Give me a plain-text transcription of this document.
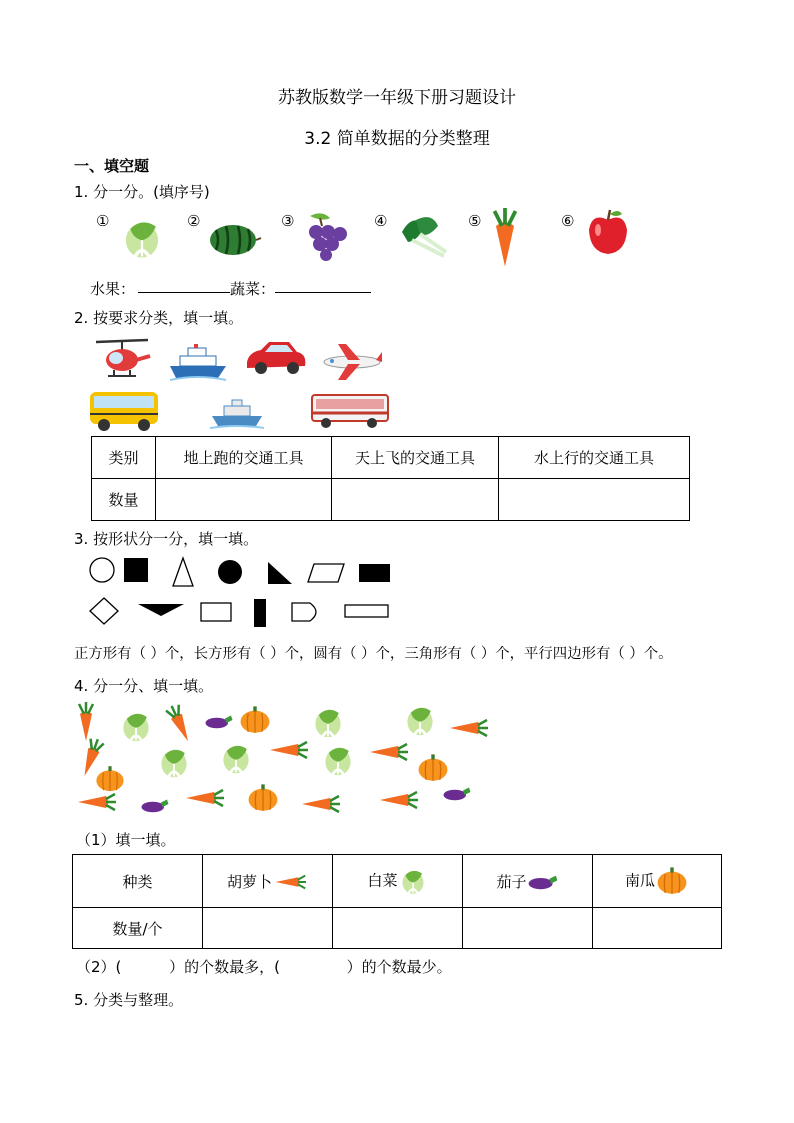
苏教版数学一年级下册习题设计
3.2 简单数据的分类整理
一、填空题
1. 分一分。(填序号)
①	②	③	④	⑤	⑥
水果：	蔬菜：
2. 按要求分类，填一填。
类别	地上跑的交通工具	天上飞的交通工具	水上行的交通工具
数量			
3. 按形状分一分，填一填。
正方形有（ ）个，长方形有（ ）个，圆有（ ）个，三角形有（ ）个，平行四边形有（ ）个。
4. 分一分、填一填。
（1）填一填。
种类	胡萝卜	白菜	茄子	南瓜
数量/个				
（2）(          ）的个数最多，(              ）的个数最少。
5. 分类与整理。
